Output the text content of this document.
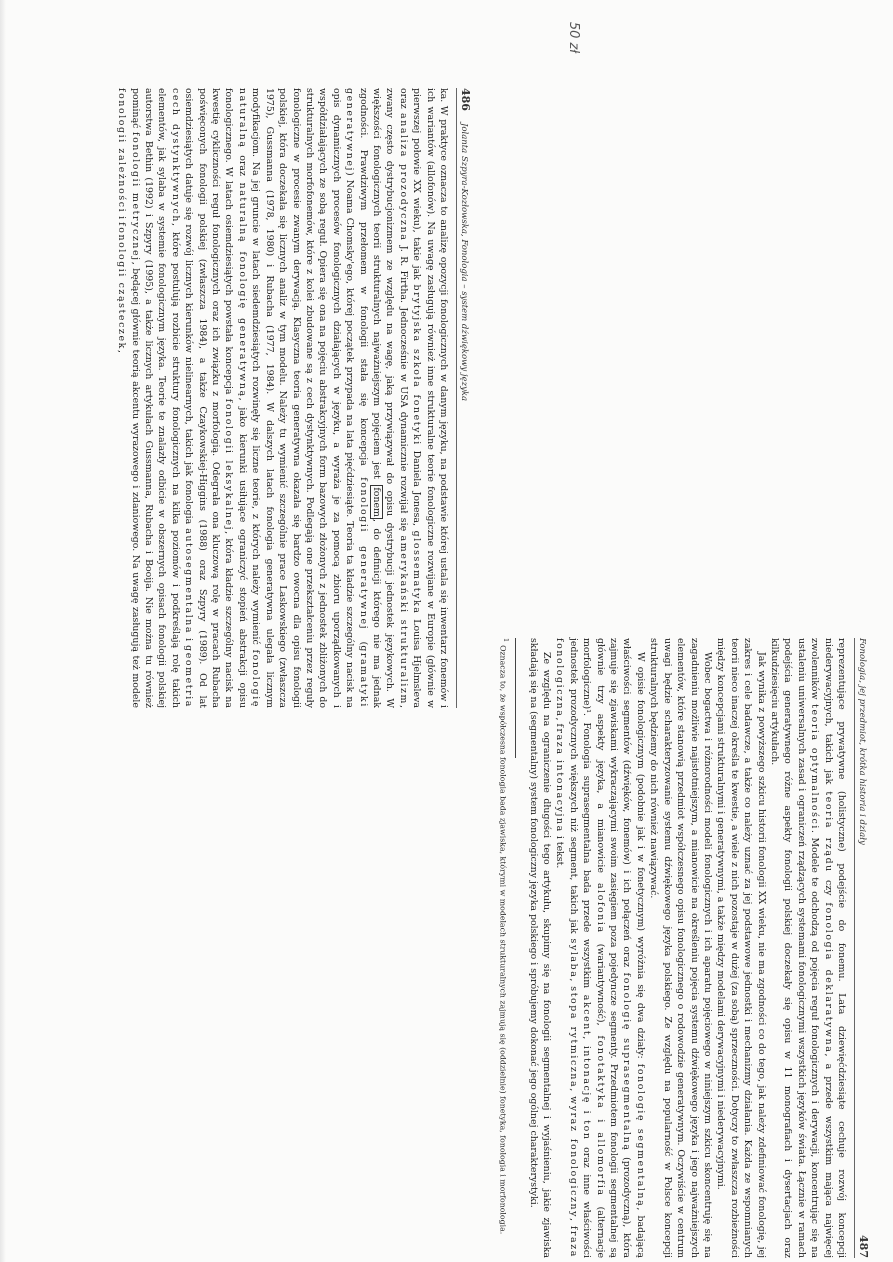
50 zł
486
Jolanta Szpyra-Kozłowska, Fonologia – system dźwiękowy języka

ka. W praktyce oznacza to analizę opozycji fonologicznych w danym języku, na podstawie której ustala się inwentarz fonemów i ich wariantów (allofonów). Na uwagę zasługują również inne strukturalne teorie fonologiczne rozwijane w Europie (głównie w pierwszej połowie XX wieku), takie jak brytyjska szkoła fonetyki Daniela Jonesa, glossematyka Louisa Hjelmsleva oraz analiza prozodyczna J. R. Firtha. Jednocześnie w USA dynamicznie rozwijał się amerykański strukturalizm, zwany często dystrybucjonizmem ze względu na wagę, jaką przywiązywał do opisu dystrybucji jednostek językowych. W większości fonologicznych teorii strukturalnych najważniejszym pojęciem jest fonem, do definicji którego nie ma jednak zgodności. Prawdziwym przełomem w fonologii stała się koncepcja fonologii generatywnej (gramatyki generatywnej) Noama Chomsky'ego, której początek przypada na lata pięćdziesiąte. Teoria ta kładzie szczególny nacisk na opis dynamicznych procesów fonologicznych działających w języku, a wyraża je za pomocą zbioru uporządkowanych i współdziałających ze sobą reguł. Opiera się ona na pojęciu abstrakcyjnych form bazowych złożonych z jednostek zbliżonych do strukturalnych morfofonemów, które z kolei zbudowane są z cech dystynktywnych. Podlegają one przekształceniu przez reguły fonologiczne w procesie zwanym derywacją. Klasyczna teoria generatywna okazała się bardzo owocna dla opisu fonologii polskiej, która doczekała się licznych analiz w tym modelu. Należy tu wymienić szczególnie prace Laskowskiego (zwłaszcza 1975), Gussmanna (1978, 1980) i Rubacha (1977, 1984). W dalszych latach fonologia generatywna ulegała licznym modyfikacjom. Na jej gruncie w latach siedemdziesiątych rozwinęły się liczne teorie, z których należy wymienić fonologię naturalną oraz naturalną fonologię generatywną, jako kierunki usiłujące ograniczyć stopień abstrakcji opisu fonologicznego. W latach osiemdziesiątych powstała koncepcja fonologii leksykalnej, która kładzie szczególny nacisk na kwestię cykliczności reguł fonologicznych oraz ich związku z morfologią. Odegrała ona kluczową rolę w pracach Rubacha poświęconych fonologii polskiej (zwłaszcza 1984), a także Czaykowskiej-Higgins (1988) oraz Szpyry (1989). Od lat osiemdziesiątych datuje się rozwój licznych kierunków nielinearnych, takich jak fonologia autosegmentalna i geometria cech dystynktywnych, które postulują rozbicie struktury fonologicznych na kilka poziomów i podkreślają rolę takich elementów, jak sylaba w systemie fonologicznym języka. Teorie te znalazły odbicie w obszernych opisach fonologii polskiej autorstwa Bethin (1992) i Szpyry (1995), a także licznych artykułach Gussmanna, Rubacha i Booija. Nie można tu również pominąć fonologii metrycznej, będącej głównie teorią akcentu wyrazowego i zdaniowego. Na uwagę zasługują też modele fonologii zależności i fonologii cząsteczek,

Fonologia, jej przedmiot, krótka historia i działy
487

reprezentujące prywatywne (holistyczne) podejście do fonemu. Lata dziewięćdziesiąte cechuje rozwój koncepcji niederywacyjnych, takich jak teoria rządu czy fonologia deklaratywna, a przede wszystkim mająca najwięcej zwolenników teoria optymalności. Modele te odchodzą od pojęcia reguł fonologicznych i derywacji, koncentrując się na ustaleniu uniwersalnych zasad i ograniczeń rządzących systemami fonologicznymi wszystkich języków świata. Łącznie w ramach podejścia generatywnego różne aspekty fonologii polskiej doczekały się opisu w 11 monografiach i dysertacjach oraz kilkudziesięciu artykułach.

Jak wynika z powyższego szkicu historii fonologii XX wieku, nie ma zgodności co do tego, jak należy zdefiniować fonologię, jej zakres i cele badawcze, a także co należy uznać za jej podstawowe jednostki i mechanizmy działania. Każda ze wspomnianych teorii nieco inaczej określa te kwestie, a wiele z nich pozostaje w dużej (za sobą) sprzeczności. Dotyczy to zwłaszcza rozbieżności między koncepcjami strukturalnymi i generatywnymi, a także między modelami derywacyjnymi i niederywacyjnymi.

Wobec bogactwa i różnorodności modeli fonologicznych i ich aparatu pojęciowego w niniejszym szkicu skoncentruję się na zagadnieniu możliwie najistotniejszym, a mianowicie na określeniu pojęcia systemu dźwiękowego języka i jego najważniejszych elementów, które stanowią przedmiot współczesnego opisu fonologicznego o rodowodzie generatywnym. Oczywiście w centrum uwagi będzie scharakteryzowanie systemu dźwiękowego języka polskiego. Ze względu na popularność w Polsce koncepcji strukturalnych będziemy do nich również nawiązywać.

W opisie fonologicznym (podobnie jak i w fonetycznym) wyróżnia się dwa działy: fonologię segmentalną, badającą właściwości segmentów (dźwięków, fonemów) i ich połączeń oraz fonologię suprasegmentalną (prozodyczną), która zajmuje się zjawiskami wykraczającymi swoim zasięgiem poza pojedyncze segmenty. Przedmiotem fonologii segmentalnej są głównie trzy aspekty języka, a mianowicie alofonia (wariantywność), fonotaktyka i allomorfia (alternacje morfologiczne)¹. Fonologia suprasegmentalna bada przede wszystkim akcent, intonację i ton oraz inne właściwości jednostek prozodycznych większych niż segment, takich jak sylaba, stopa rytmiczna, wyraz fonologiczny, fraza fonologiczna, fraza intonacyjna i tekst.

Ze względu na ograniczenie długości tego artykułu, skupimy się na fonologii segmentalnej i wyjaśnieniu, jakie zjawiska składają się na (segmentalny) system fonologiczny języka polskiego i spróbujemy dokonać jego ogólnej charakterystyki.

$^1$Oznacza to, że współczesna fonologia bada zjawiska, którymi w modelach strukturalnych zajmują się (oddzielnie) fonetyka, fonologia i morfonologia.
